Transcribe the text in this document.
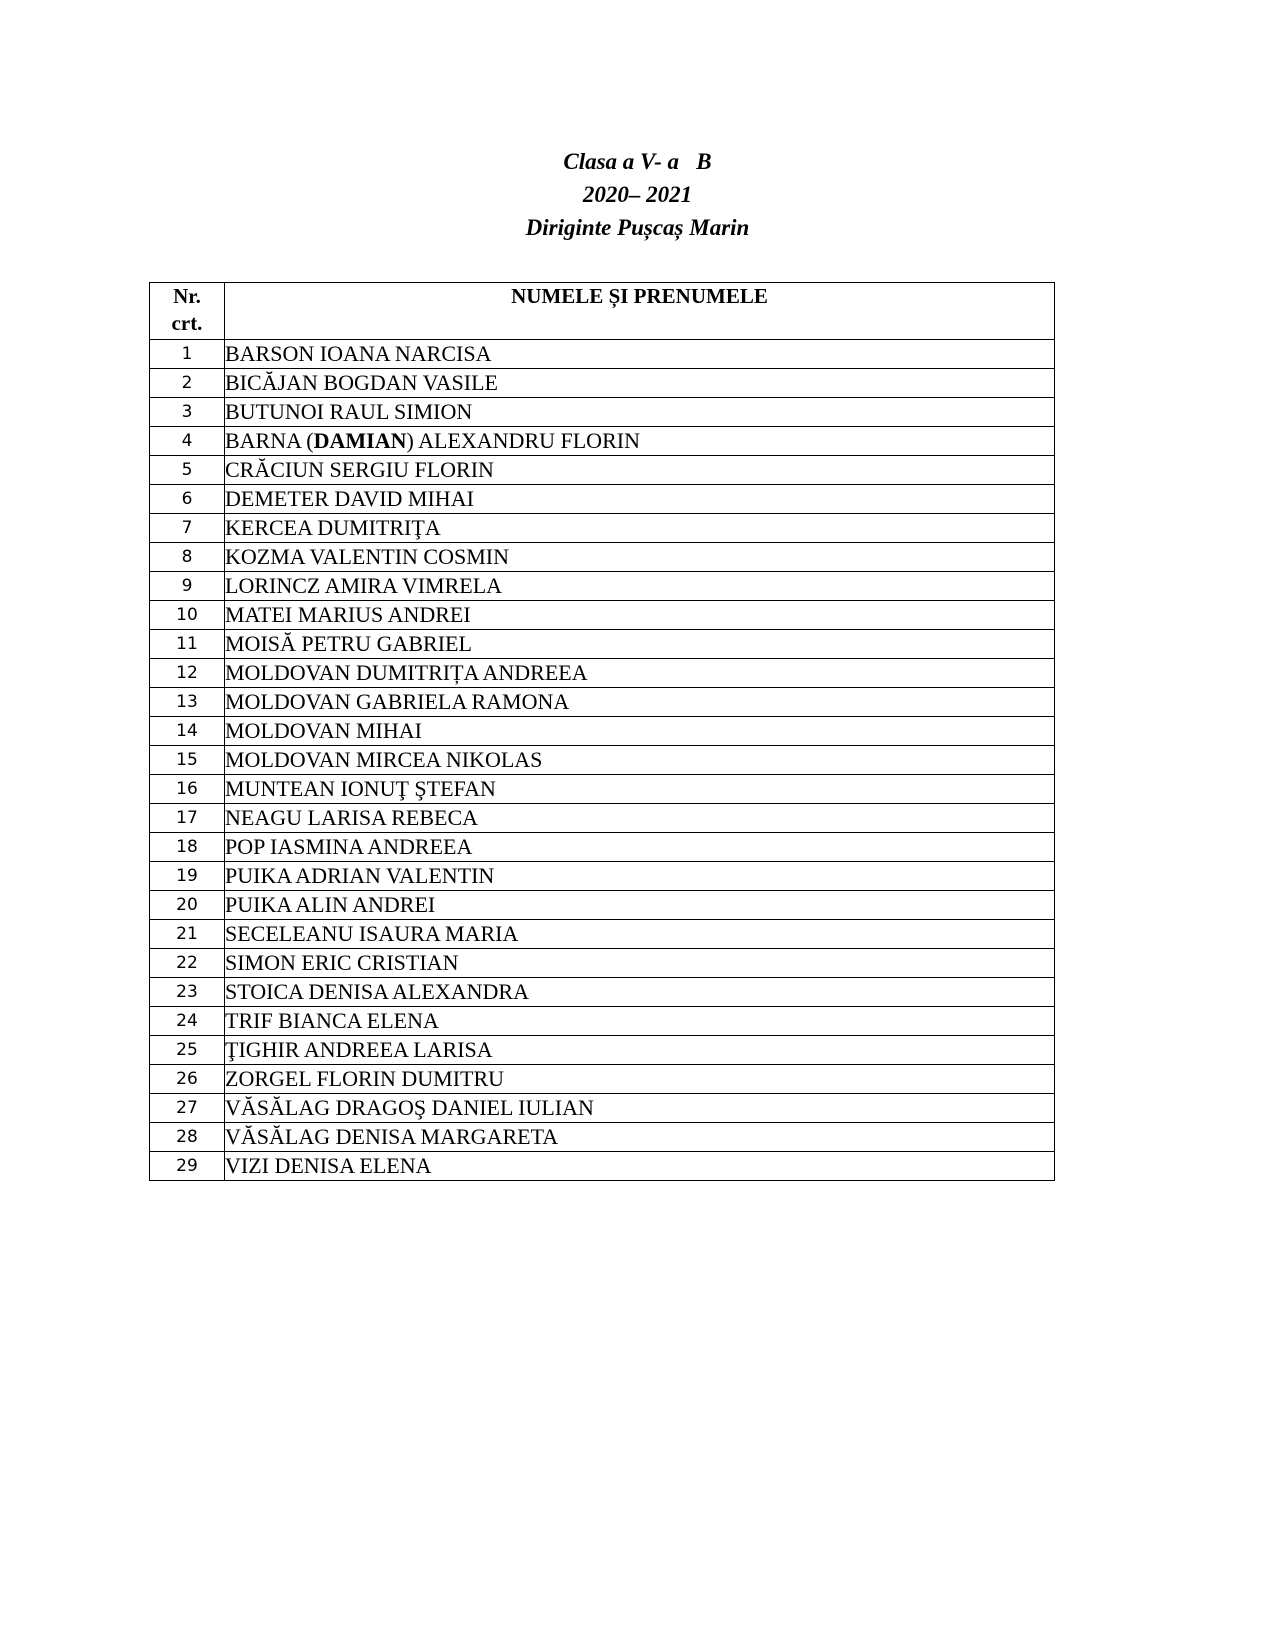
Clasa a V- a   B
2020– 2021
Diriginte Pușcaș Marin
Nr.
crt.	NUMELE ȘI PRENUMELE
1	BARSON IOANA NARCISA
2	BICĂJAN BOGDAN VASILE
3	BUTUNOI RAUL SIMION
4	BARNA (DAMIAN) ALEXANDRU FLORIN
5	CRĂCIUN SERGIU FLORIN
6	DEMETER DAVID MIHAI
7	KERCEA DUMITRIŢA
8	KOZMA VALENTIN COSMIN
9	LORINCZ AMIRA VIMRELA
10	MATEI MARIUS ANDREI
11	MOISĂ PETRU GABRIEL
12	MOLDOVAN DUMITRIȚA ANDREEA
13	MOLDOVAN GABRIELA RAMONA
14	MOLDOVAN MIHAI
15	MOLDOVAN MIRCEA NIKOLAS
16	MUNTEAN IONUŢ ŞTEFAN
17	NEAGU LARISA REBECA
18	POP IASMINA ANDREEA
19	PUIKA ADRIAN VALENTIN
20	PUIKA ALIN ANDREI
21	SECELEANU ISAURA MARIA
22	SIMON ERIC CRISTIAN
23	STOICA DENISA ALEXANDRA
24	TRIF BIANCA ELENA
25	ŢIGHIR ANDREEA LARISA
26	ZORGEL FLORIN DUMITRU
27	VĂSĂLAG DRAGOŞ DANIEL IULIAN
28	VĂSĂLAG DENISA MARGARETA
29	VIZI DENISA ELENA
